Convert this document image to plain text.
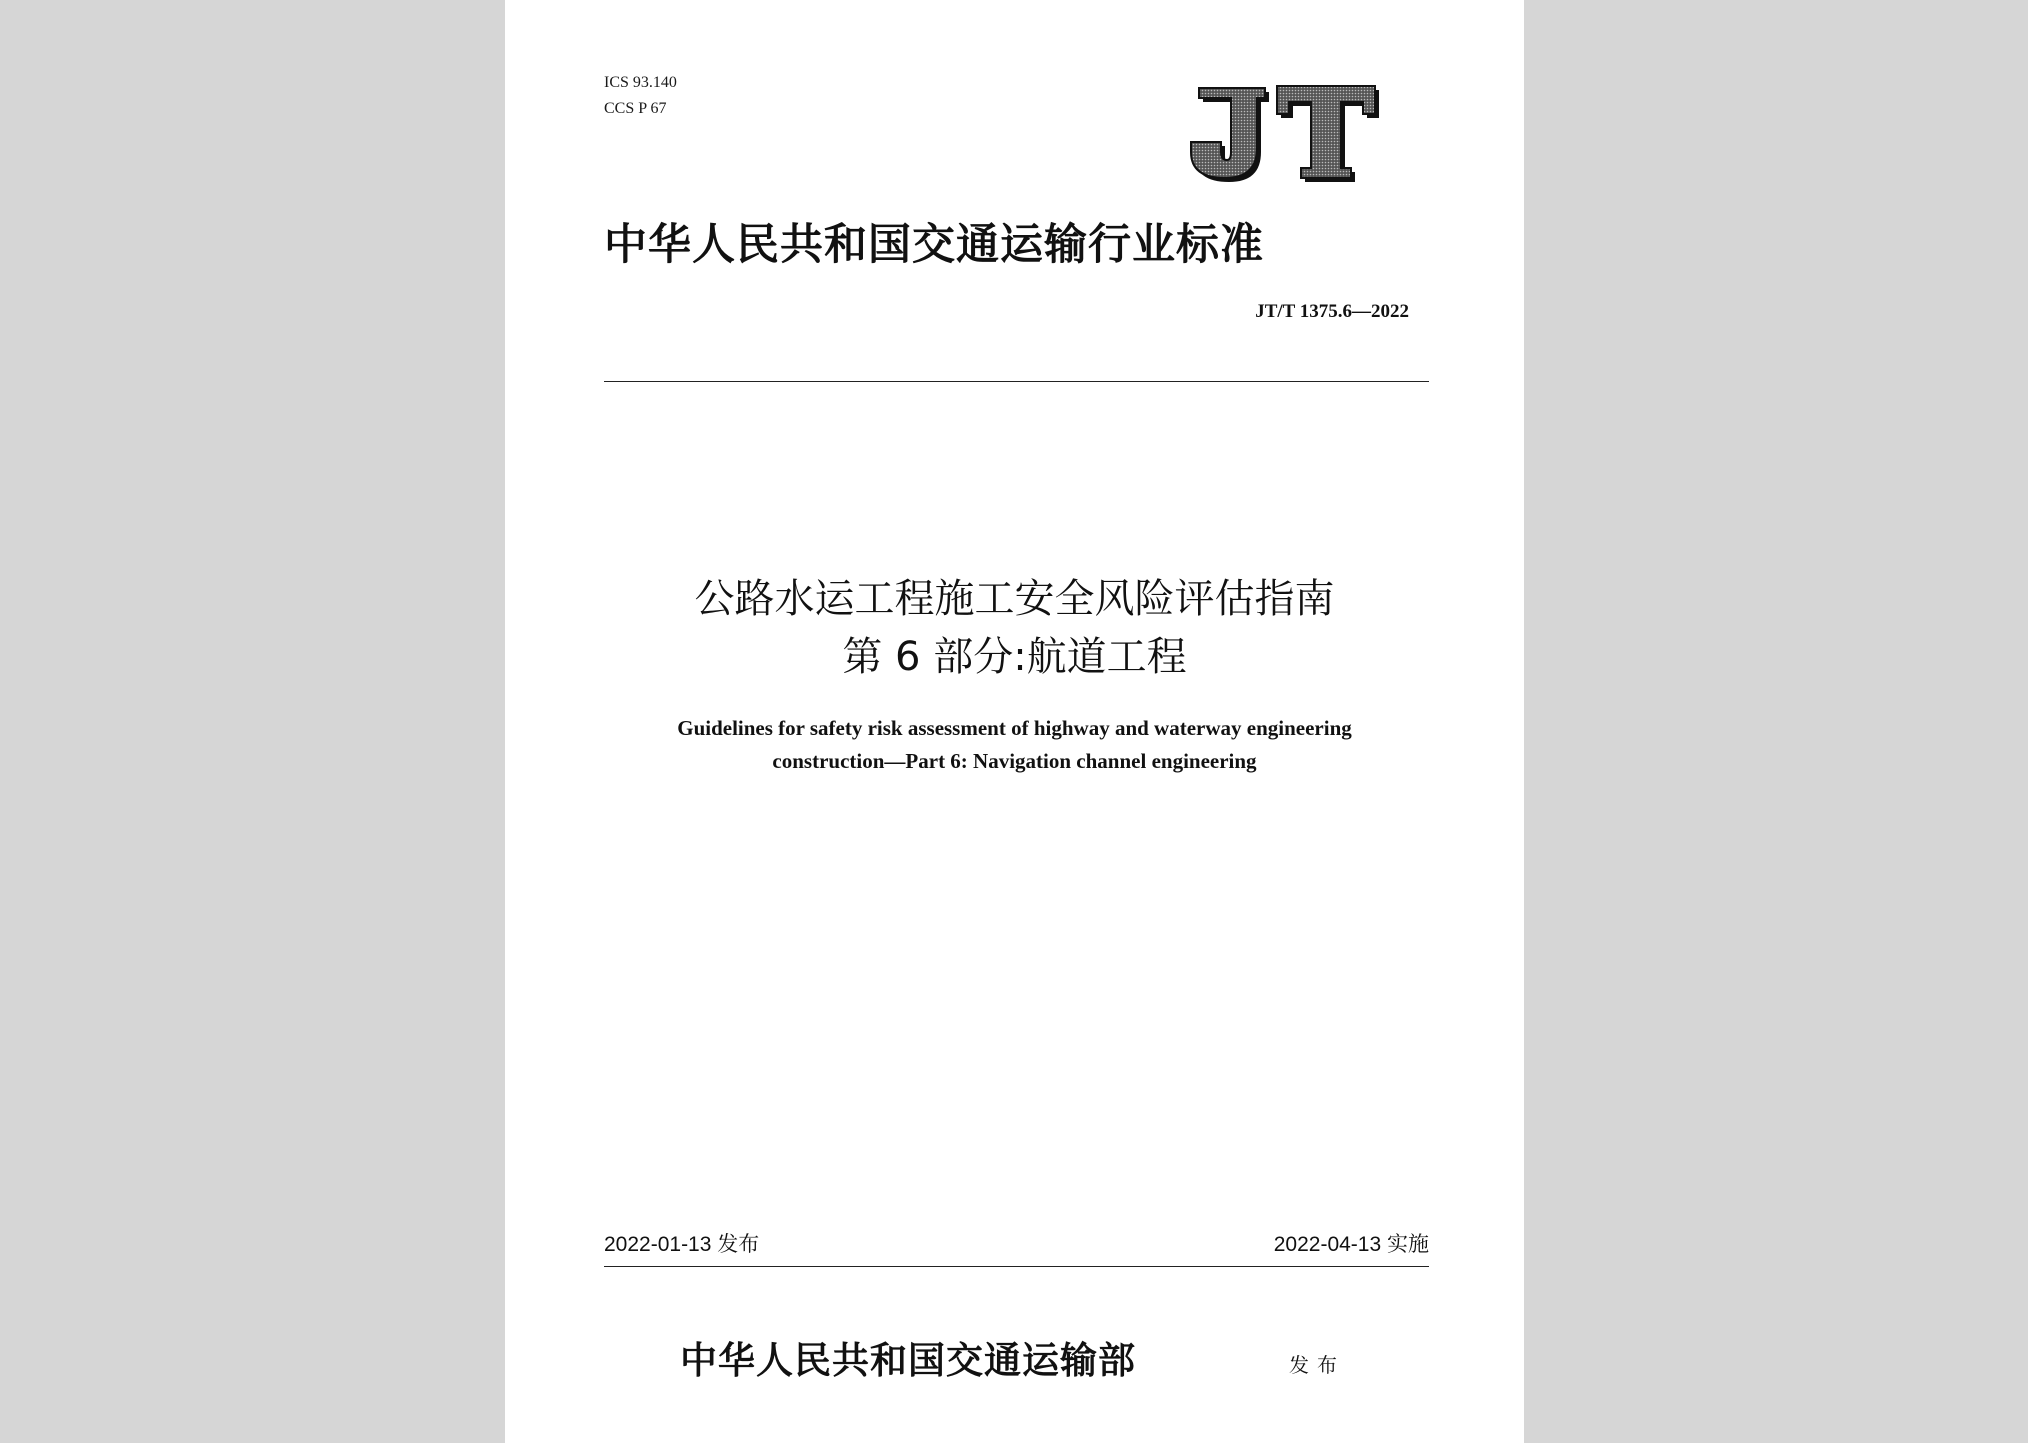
ICS 93.140
CCS P 67
中华人民共和国交通运输行业标准
JT/T 1375.6—2022
公路水运工程施工安全风险评估指南
第 6 部分:航道工程
Guidelines for safety risk assessment of highway and waterway engineering
construction—Part 6: Navigation channel engineering
2022-01-13 发布	2022-04-13 实施
中华人民共和国交通运输部	发布
